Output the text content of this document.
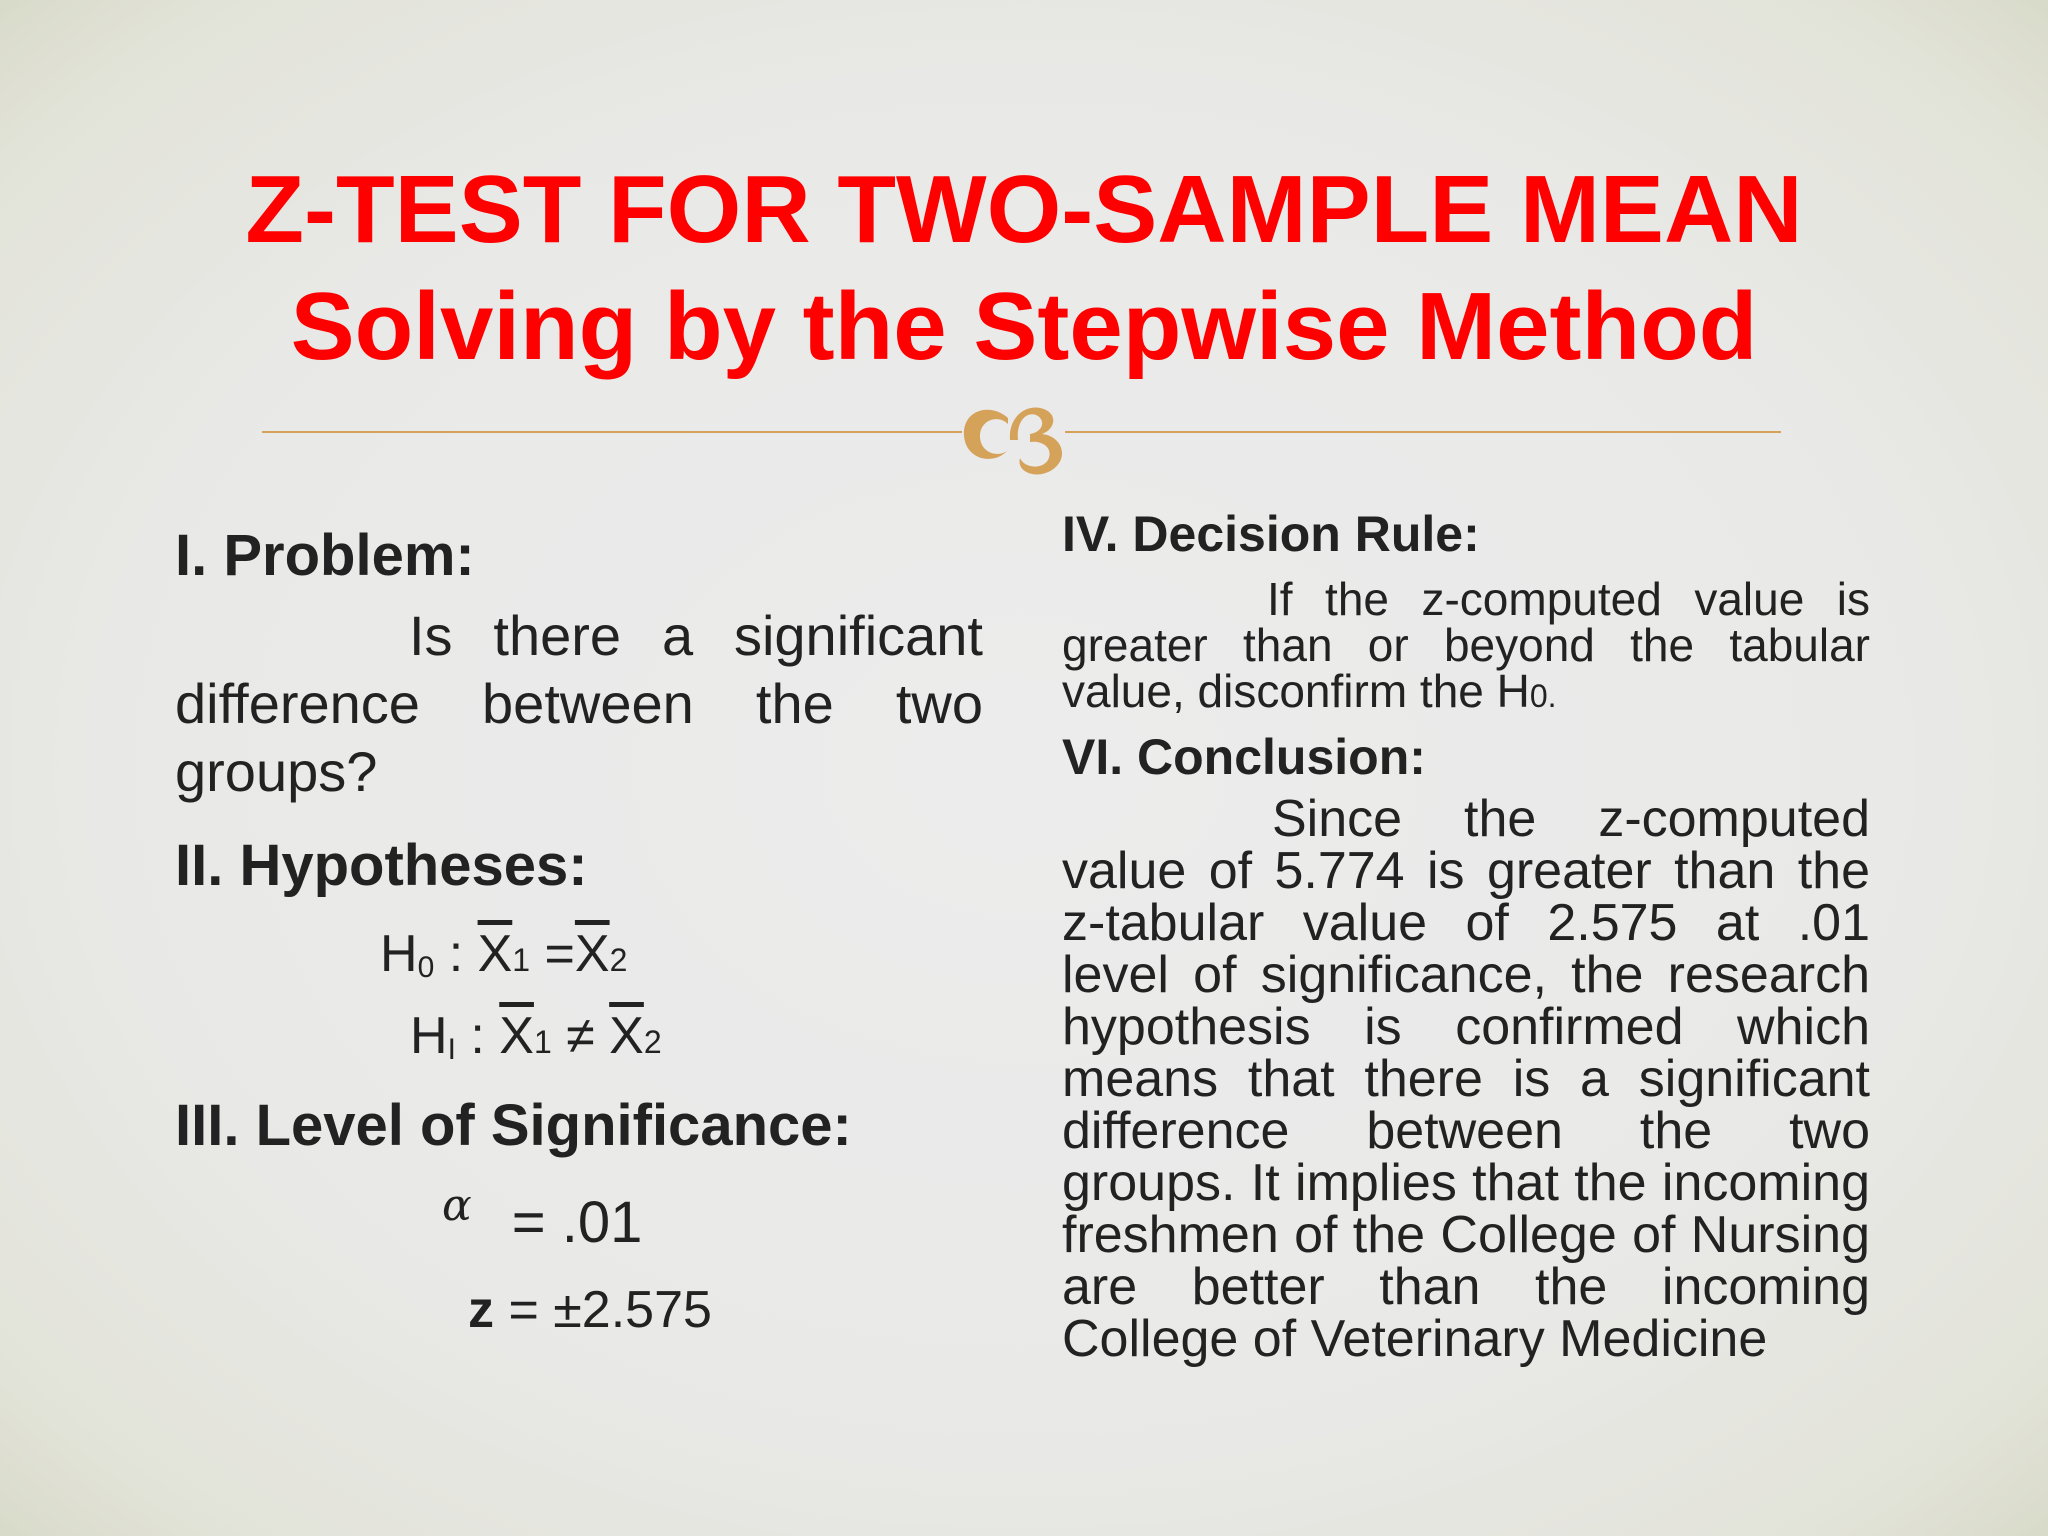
Z-TEST FOR TWO-SAMPLE MEAN
Solving by the Stepwise Method
I. Problem:

Is there a significant difference between the two groups?

II. Hypotheses:
$H_0$ : $\overline{X}1 =\overline{X}2$
$H_I$ : $\overline{X}1 \ne \overline{X}2$
III. Level of Significance:
$^\alpha$ = .01
z = ±2.575
IV. Decision Rule:

If the z-computed value is greater than or beyond the tabular value, disconfirm the H0.

VI. Conclusion:

Since the z-computed value of 5.774 is greater than the z-tabular value of 2.575 at .01 level of significance, the research hypothesis is confirmed which means that there is a significant difference between the two groups. It implies that the incoming freshmen of the College of Nursing are better than the incoming College of Veterinary Medicine
